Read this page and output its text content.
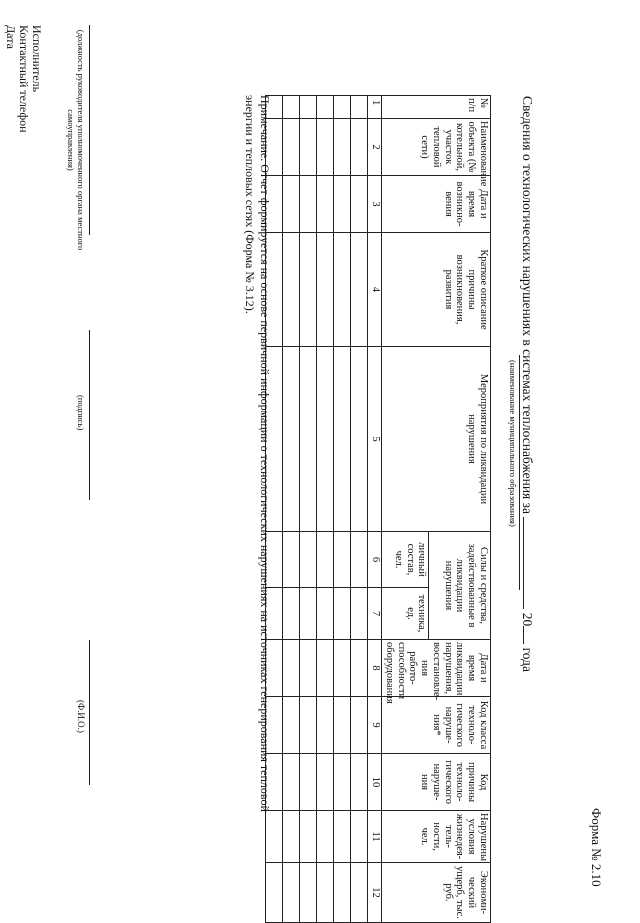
Форма № 2.10
Сведения о технологических нарушениях в системах теплоснабжения за  20 года
(наименование муниципального образования)
№ п/п	Наименование объекта (№ котельной, участок тепловой сети)	Дата и время возникно-вения	Краткое описание причины возникновения, развития	Мероприятия по ликвидации нарушения	Силы и средства, задействованные в ликвидации нарушения		Дата и время ликвидации нарушения, восстановле-ния работо-способности оборудования	Код класса техноло-гического наруше-ния*	Код причины техноло-гического наруше-ния	Нарушены условия жизнедея-тель-ности, чел.	Экономи-ческий ущерб, тыс. руб.
					личный состав, чел.	техника, ед.					
1	2	3	4	5	6	7	8	9	10	11	12

Примечание. Отчет формируется на основе первичной информации о технологических нарушениях на источниках генерирования тепловой энергии и тепловых сетях (Форма № 3.12).
(должность руководителя уполномоченного органа местного самоуправления)
(подпись)
(Ф.И.О.)
Исполнитель
Контактный телефон
Дата
